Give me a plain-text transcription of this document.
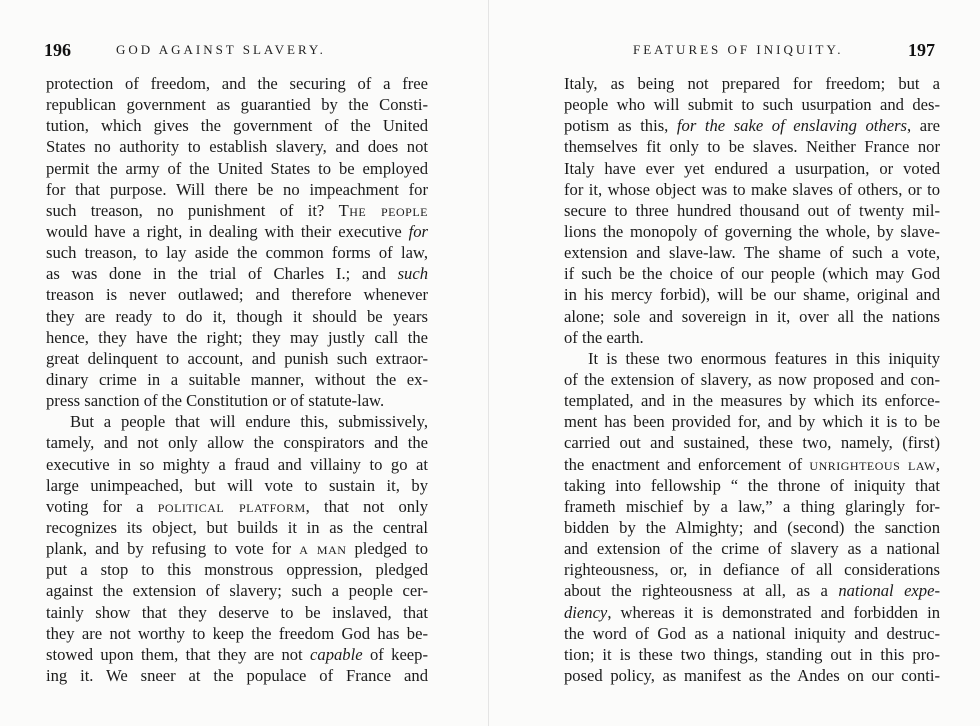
196	GOD AGAINST SLAVERY.
protection of freedom, and the securing of a free
republican government as guarantied by the Consti-
tution, which gives the government of the United
States no authority to establish slavery, and does not
permit the army of the United States to be employed
for that purpose. Will there be no impeachment for
such treason, no punishment of it? The people
would have a right, in dealing with their executive for
such treason, to lay aside the common forms of law,
as was done in the trial of Charles I.; and such
treason is never outlawed; and therefore whenever
they are ready to do it, though it should be years
hence, they have the right; they may justly call the
great delinquent to account, and punish such extraor-
dinary crime in a suitable manner, without the ex-
press sanction of the Constitution or of statute-law.
But a people that will endure this, submissively,
tamely, and not only allow the conspirators and the
executive in so mighty a fraud and villainy to go at
large unimpeached, but will vote to sustain it, by
voting for a political platform, that not only
recognizes its object, but builds it in as the central
plank, and by refusing to vote for a man pledged to
put a stop to this monstrous oppression, pledged
against the extension of slavery; such a people cer-
tainly show that they deserve to be inslaved, that
they are not worthy to keep the freedom God has be-
stowed upon them, that they are not capable of keep-
ing it. We sneer at the populace of France and
FEATURES OF INIQUITY.	197
Italy, as being not prepared for freedom; but a
people who will submit to such usurpation and des-
potism as this, for the sake of enslaving others, are
themselves fit only to be slaves. Neither France nor
Italy have ever yet endured a usurpation, or voted
for it, whose object was to make slaves of others, or to
secure to three hundred thousand out of twenty mil-
lions the monopoly of governing the whole, by slave-
extension and slave-law. The shame of such a vote,
if such be the choice of our people (which may God
in his mercy forbid), will be our shame, original and
alone; sole and sovereign in it, over all the nations
of the earth.
It is these two enormous features in this iniquity
of the extension of slavery, as now proposed and con-
templated, and in the measures by which its enforce-
ment has been provided for, and by which it is to be
carried out and sustained, these two, namely, (first)
the enactment and enforcement of unrighteous law,
taking into fellowship “ the throne of iniquity that
frameth mischief by a law,” a thing glaringly for-
bidden by the Almighty; and (second) the sanction
and extension of the crime of slavery as a national
righteousness, or, in defiance of all considerations
about the righteousness at all, as a national expe-
diency, whereas it is demonstrated and forbidden in
the word of God as a national iniquity and destruc-
tion; it is these two things, standing out in this pro-
posed policy, as manifest as the Andes on our conti-
